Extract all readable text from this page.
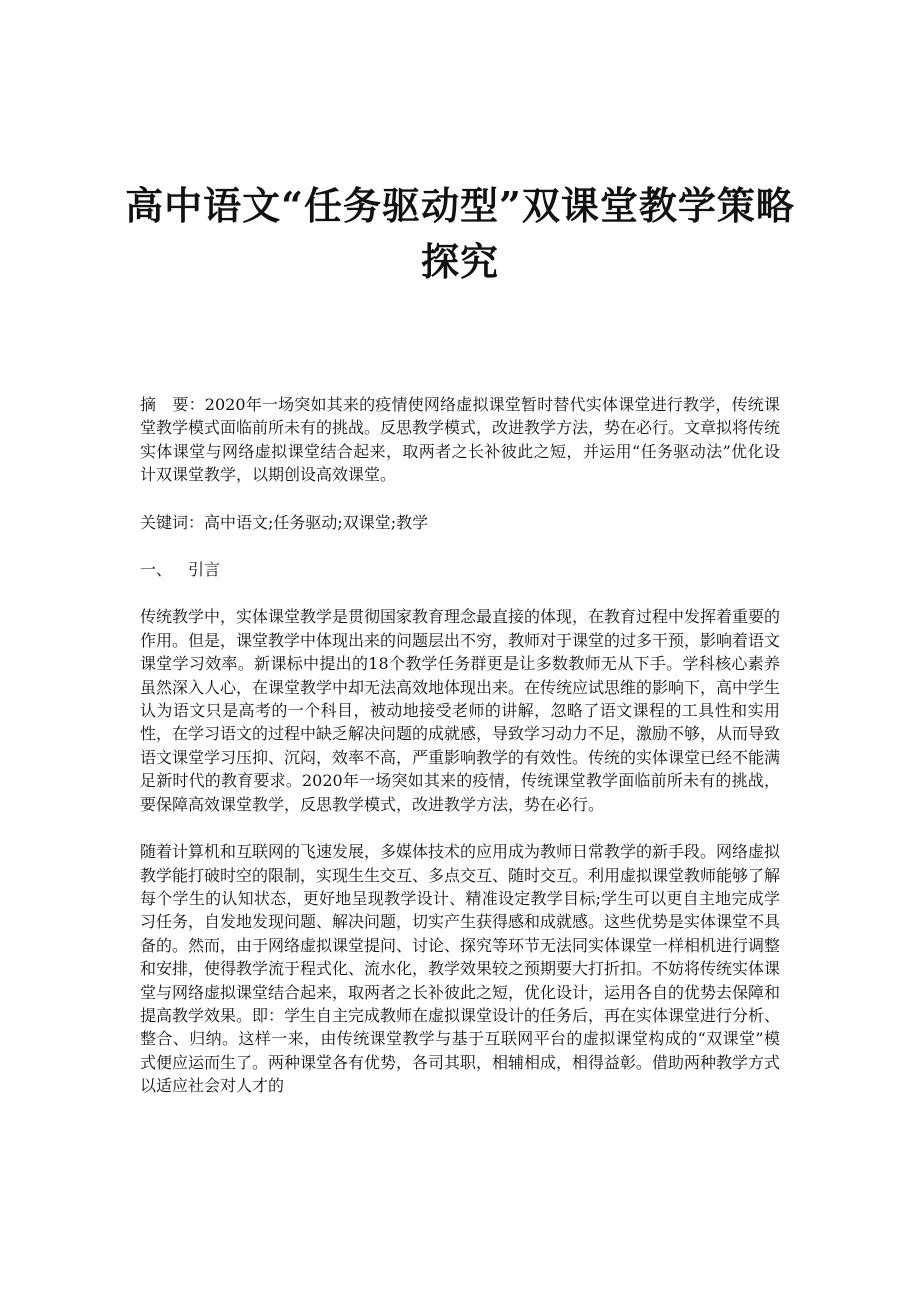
高中语文“任务驱动型”双课堂教学策略探究

摘　要：2020年一场突如其来的疫情使网络虚拟课堂暂时替代实体课堂进行教学，传统课堂教学模式面临前所未有的挑战。反思教学模式，改进教学方法，势在必行。文章拟将传统实体课堂与网络虚拟课堂结合起来，取两者之长补彼此之短，并运用“任务驱动法”优化设计双课堂教学，以期创设高效课堂。

关键词：高中语文;任务驱动;双课堂;教学

一、 引言

传统教学中，实体课堂教学是贯彻国家教育理念最直接的体现，在教育过程中发挥着重要的作用。但是，课堂教学中体现出来的问题层出不穷，教师对于课堂的过多干预，影响着语文课堂学习效率。新课标中提出的18个教学任务群更是让多数教师无从下手。学科核心素养虽然深入人心，在课堂教学中却无法高效地体现出来。在传统应试思维的影响下，高中学生认为语文只是高考的一个科目，被动地接受老师的讲解，忽略了语文课程的工具性和实用性，在学习语文的过程中缺乏解决问题的成就感，导致学习动力不足，激励不够，从而导致语文课堂学习压抑、沉闷，效率不高，严重影响教学的有效性。传统的实体课堂已经不能满足新时代的教育要求。2020年一场突如其来的疫情，传统课堂教学面临前所未有的挑战，要保障高效课堂教学，反思教学模式，改进教学方法，势在必行。

随着计算机和互联网的飞速发展，多媒体技术的应用成为教师日常教学的新手段。网络虚拟教学能打破时空的限制，实现生生交互、多点交互、随时交互。利用虚拟课堂教师能够了解每个学生的认知状态，更好地呈现教学设计、精准设定教学目标;学生可以更自主地完成学习任务，自发地发现问题、解决问题，切实产生获得感和成就感。这些优势是实体课堂不具备的。然而，由于网络虚拟课堂提问、讨论、探究等环节无法同实体课堂一样相机进行调整和安排，使得教学流于程式化、流水化，教学效果较之预期要大打折扣。不妨将传统实体课堂与网络虚拟课堂结合起来，取两者之长补彼此之短，优化设计，运用各自的优势去保障和提高教学效果。即：学生自主完成教师在虚拟课堂设计的任务后，再在实体课堂进行分析、整合、归纳。这样一来，由传统课堂教学与基于互联网平台的虚拟课堂构成的“双课堂”模式便应运而生了。两种课堂各有优势，各司其职，相辅相成，相得益彰。借助两种教学方式以适应社会对人才的
